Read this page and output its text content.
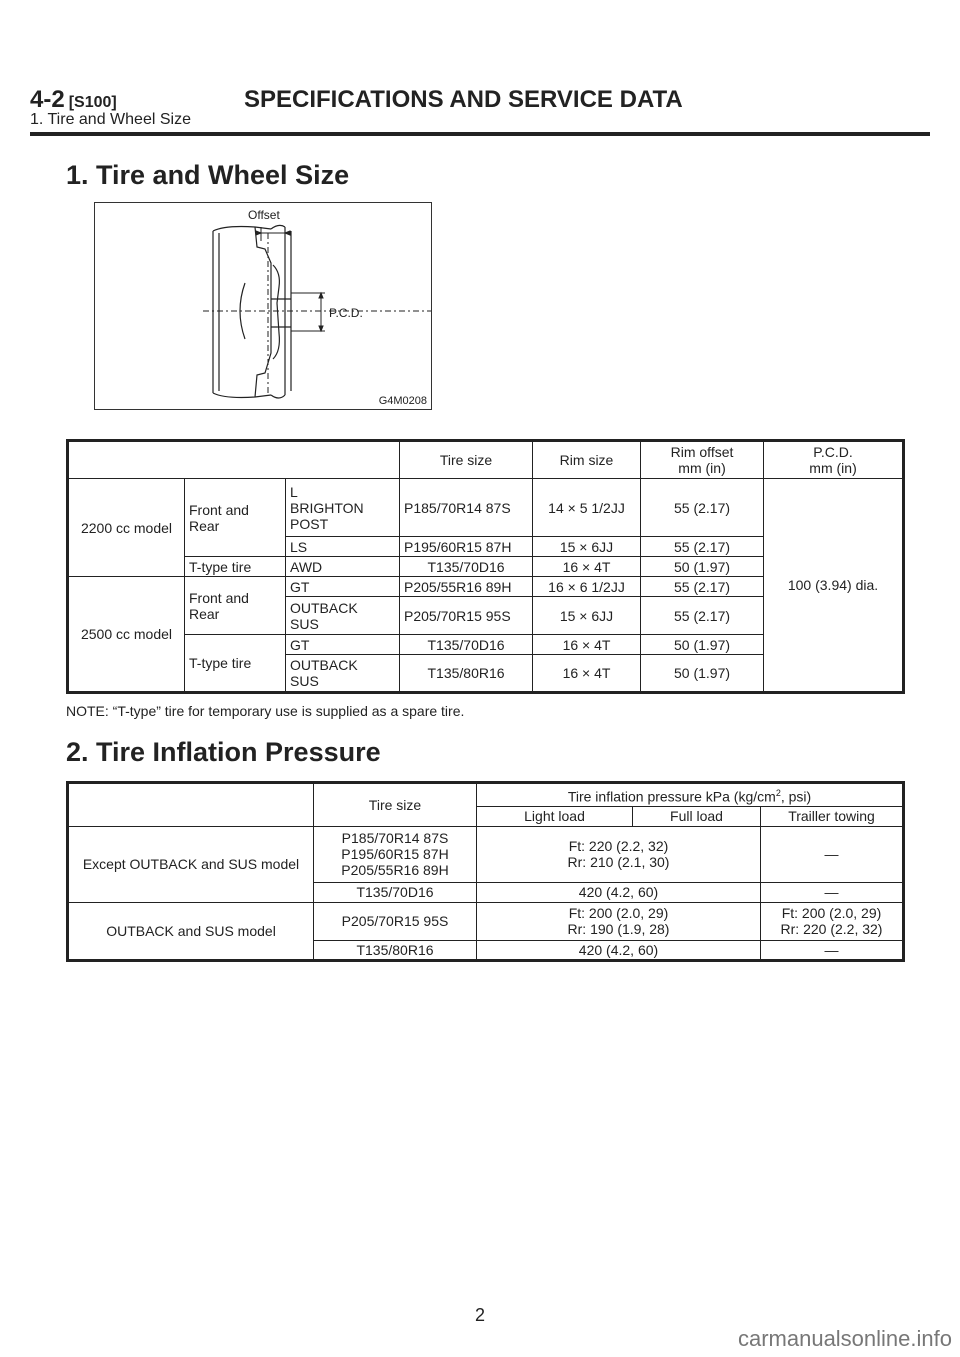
4-2 [S100]	SPECIFICATIONS AND SERVICE DATA
1. Tire and Wheel Size
1. Tire and Wheel Size
Offset
P.C.D.
G4M0208
			Tire size	Rim size	Rim offset
mm (in)	P.C.D.
mm (in)
2200 cc model	Front and Rear	L
BRIGHTON
POST	P185/70R14 87S	14 × 5 1/2JJ	55 (2.17)	100 (3.94) dia.
		LS	P195/60R15 87H	15 × 6JJ	55 (2.17)	
	T-type tire	AWD	T135/70D16	16 × 4T	50 (1.97)	
2500 cc model	Front and Rear	GT	P205/55R16 89H	16 × 6 1/2JJ	55 (2.17)	
		OUTBACK
SUS	P205/70R15 95S	15 × 6JJ	55 (2.17)	
	T-type tire	GT	T135/70D16	16 × 4T	50 (1.97)	
		OUTBACK
SUS	T135/80R16	16 × 4T	50 (1.97)	
NOTE: “T-type” tire for temporary use is supplied as a spare tire.
2. Tire Inflation Pressure
	Tire size	Tire inflation pressure kPa ($kg/cm^2$, psi)		
		Light load	Full load	Trailler towing
Except OUTBACK and SUS model	P185/70R14 87S
P195/60R15 87H
P205/55R16 89H	Ft: 220 (2.2, 32)
Rr: 210 (2.1, 30)		—
	T135/70D16	420 (4.2, 60)		—
OUTBACK and SUS model	P205/70R15 95S	Ft: 200 (2.0, 29)
Rr: 190 (1.9, 28)		Ft: 200 (2.0, 29)
Rr: 220 (2.2, 32)
	T135/80R16	420 (4.2, 60)		—
2
carmanualsonline.info
